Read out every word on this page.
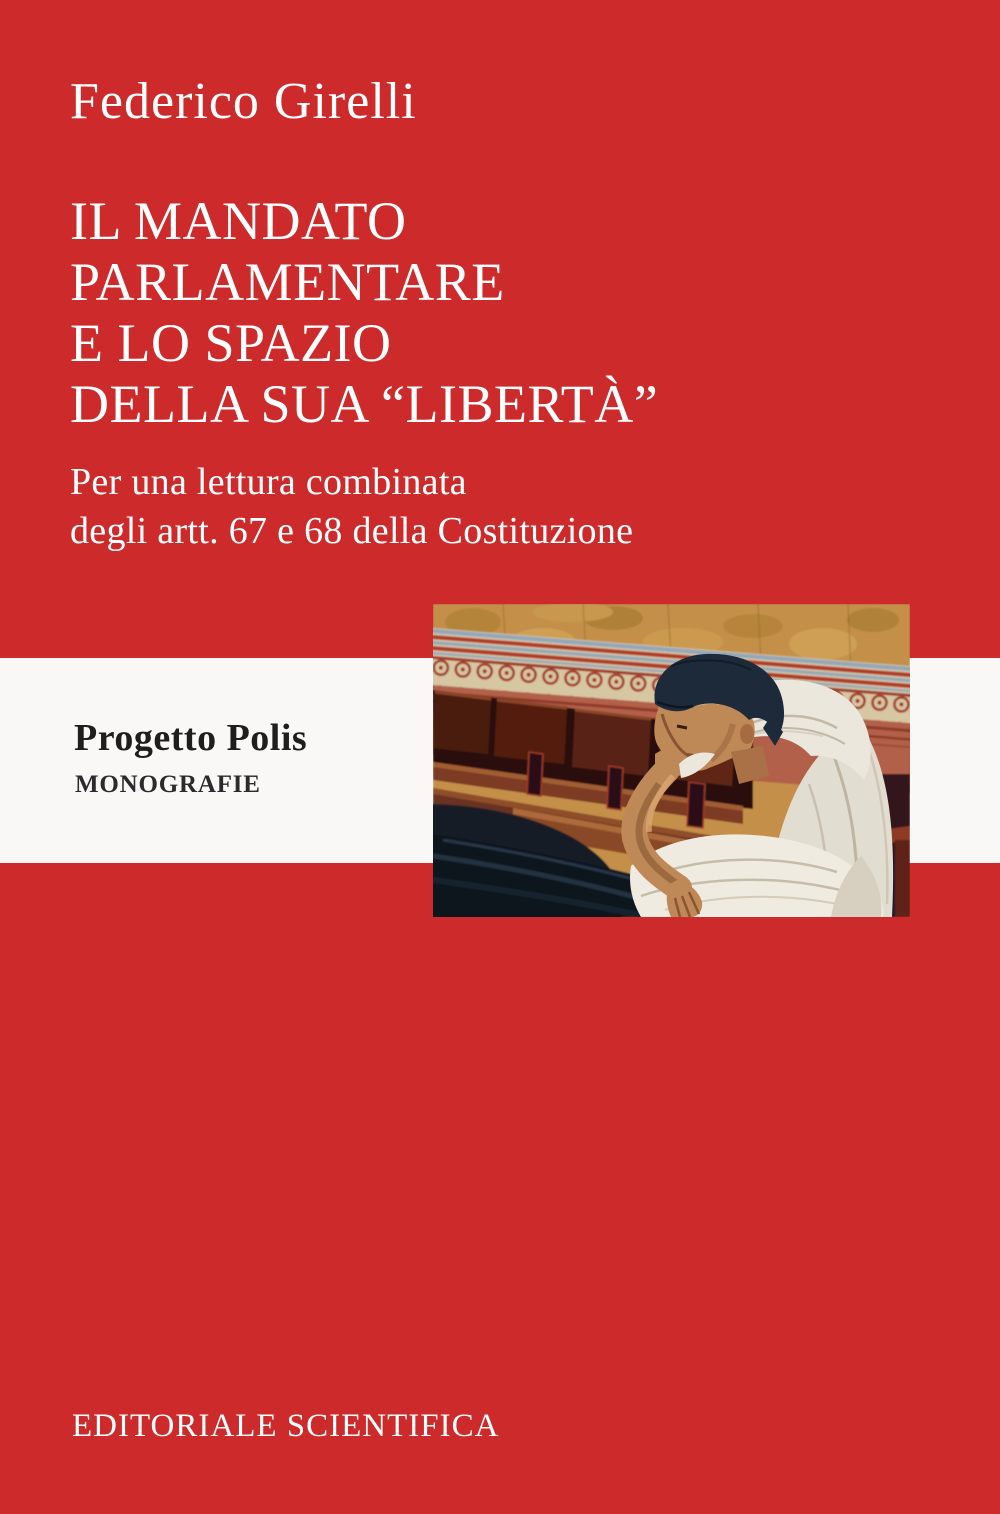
Federico Girelli
IL MANDATO
PARLAMENTARE
E LO SPAZIO
DELLA SUA “LIBERTÀ”
Per una lettura combinata
degli artt. 67 e 68 della Costituzione
Progetto Polis
MONOGRAFIE
EDITORIALE SCIENTIFICA
